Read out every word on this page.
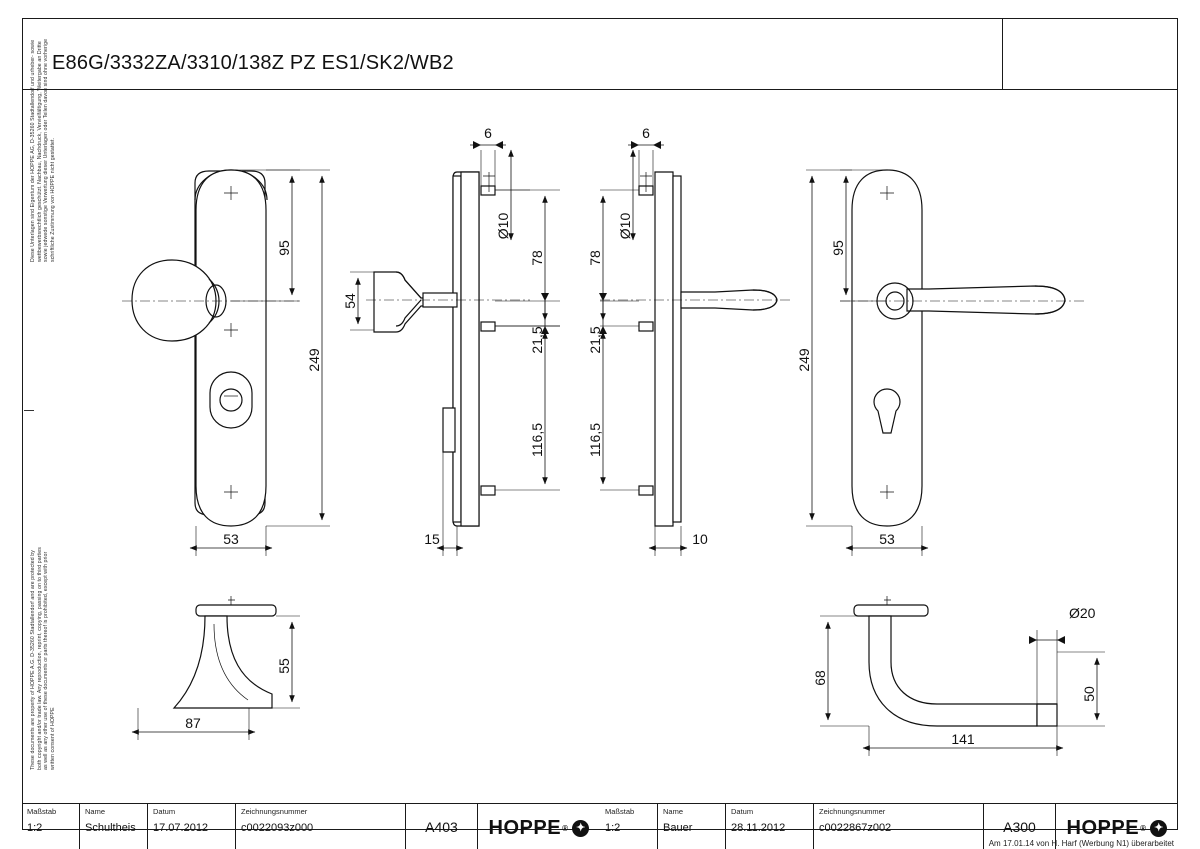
E86G/3332ZA/3310/138Z PZ ES1/SK2/WB2
Diese Unterlagen sind Eigentum der HOPPE AG, D-35260 Stadtallendorf und urheber- sowie wettbewerbsrechtlich geschützt. Nachbau, Nachdruck, Vervielfältigung, Weitergabe an Dritte sowie jedwede sonstige Verwertung dieser Unterlagen oder Teilen davon sind ohne vorherige schriftliche Zustimmung von HOPPE nicht gestattet.
These documents are property of HOPPE A.G. D-35260 Stadtallendorf and are protected by both copyright and/or trade law. Any reproduction, reprint, copying, passing on to third parties as well as any other use of these documents or parts thereof is prohibited, except with prior written consent of HOPPE
95
249
53
54
15
6
Ø10
78
21,5
116,5
6
Ø10
78
21,5
116,5
10
95
249
53
55
87
Ø20
68
50
141
Maßstab
1:2
Name
Schultheis
Datum
17.07.2012
Zeichnungsnummer
c0022093z000	A403 HOPPE ® ✦
Maßstab
1:2
Name
Bauer
Datum
28.11.2012
Zeichnungsnummer
c0022867z002	A300 HOPPE ® ✦
Am 17.01.14 von H. Harf (Werbung N1) überarbeitet
